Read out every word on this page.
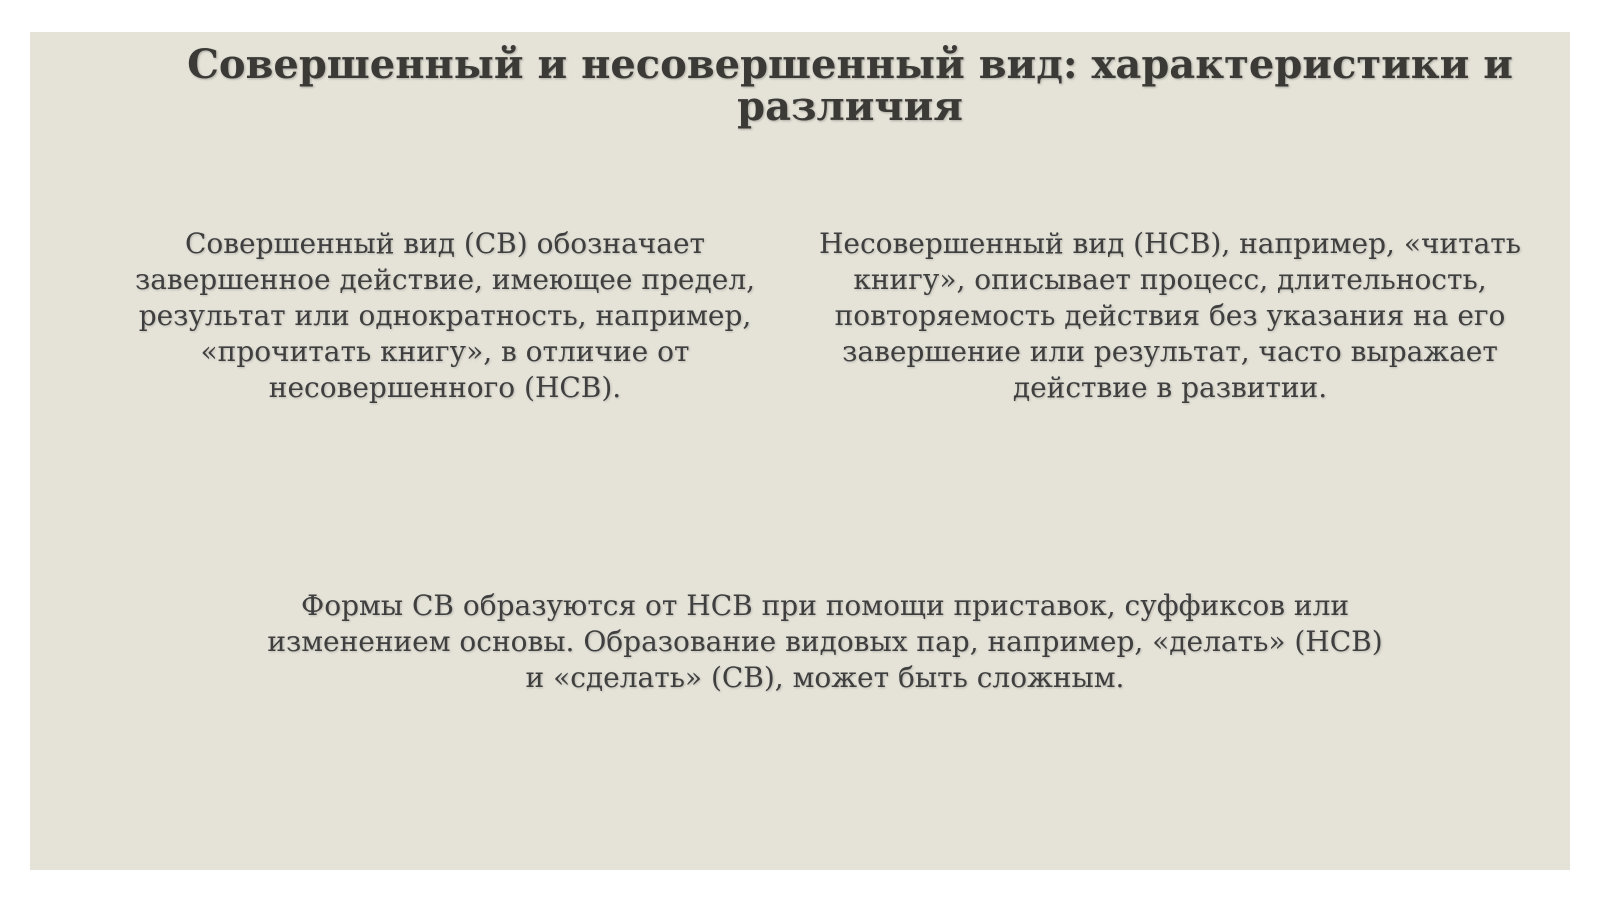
Совершенный и несовершенный вид: характеристики и различия

Совершенный вид (СВ) обозначает завершенное действие, имеющее предел, результат или однократность, например, «прочитать книгу», в отличие от несовершенного (НСВ).

Несовершенный вид (НСВ), например, «читать книгу», описывает процесс, длительность, повторяемость действия без указания на его завершение или результат, часто выражает действие в развитии.

Формы СВ образуются от НСВ при помощи приставок, суффиксов или изменением основы. Образование видовых пар, например, «делать» (НСВ) и «сделать» (СВ), может быть сложным.
